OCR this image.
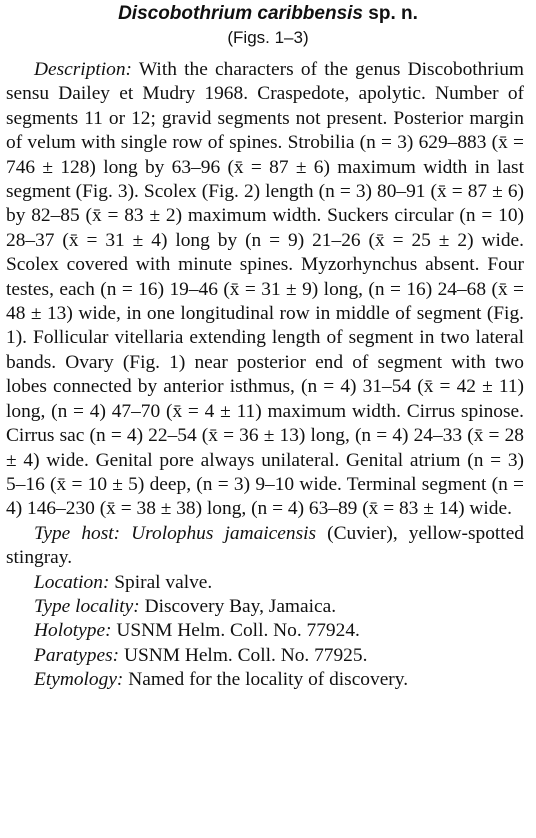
Discobothrium caribbensis sp. n.
(Figs. 1–3)

Description: With the characters of the genus Discobothrium sensu Dailey et Mudry 1968. Craspedote, apolytic. Number of segments 11 or 12; gravid segments not present. Posterior margin of velum with single row of spines. Strobilia (n = 3) 629–883 (x̄ = 746 ± 128) long by 63–96 (x̄ = 87 ± 6) maximum width in last segment (Fig. 3). Scolex (Fig. 2) length (n = 3) 80–91 (x̄ = 87 ± 6) by 82–85 (x̄ = 83 ± 2) maximum width. Suckers circular (n = 10) 28–37 (x̄ = 31 ± 4) long by (n = 9) 21–26 (x̄ = 25 ± 2) wide. Scolex covered with minute spines. Myzorhynchus absent. Four testes, each (n = 16) 19–46 (x̄ = 31 ± 9) long, (n = 16) 24–68 (x̄ = 48 ± 13) wide, in one longitudinal row in middle of segment (Fig. 1). Follicular vitellaria extending length of segment in two lateral bands. Ovary (Fig. 1) near posterior end of segment with two lobes connected by anterior isthmus, (n = 4) 31–54 (x̄ = 42 ± 11) long, (n = 4) 47–70 (x̄ = 4 ± 11) maximum width. Cirrus spinose. Cirrus sac (n = 4) 22–54 (x̄ = 36 ± 13) long, (n = 4) 24–33 (x̄ = 28 ± 4) wide. Genital pore always unilateral. Genital atrium (n = 3) 5–16 (x̄ = 10 ± 5) deep, (n = 3) 9–10 wide. Terminal segment (n = 4) 146–230 (x̄ = 38 ± 38) long, (n = 4) 63–89 (x̄ = 83 ± 14) wide.

Type host: Urolophus jamaicensis (Cuvier), yellow-spotted stingray.

Location: Spiral valve.

Type locality: Discovery Bay, Jamaica.

Holotype: USNM Helm. Coll. No. 77924.

Paratypes: USNM Helm. Coll. No. 77925.

Etymology: Named for the locality of discovery.
